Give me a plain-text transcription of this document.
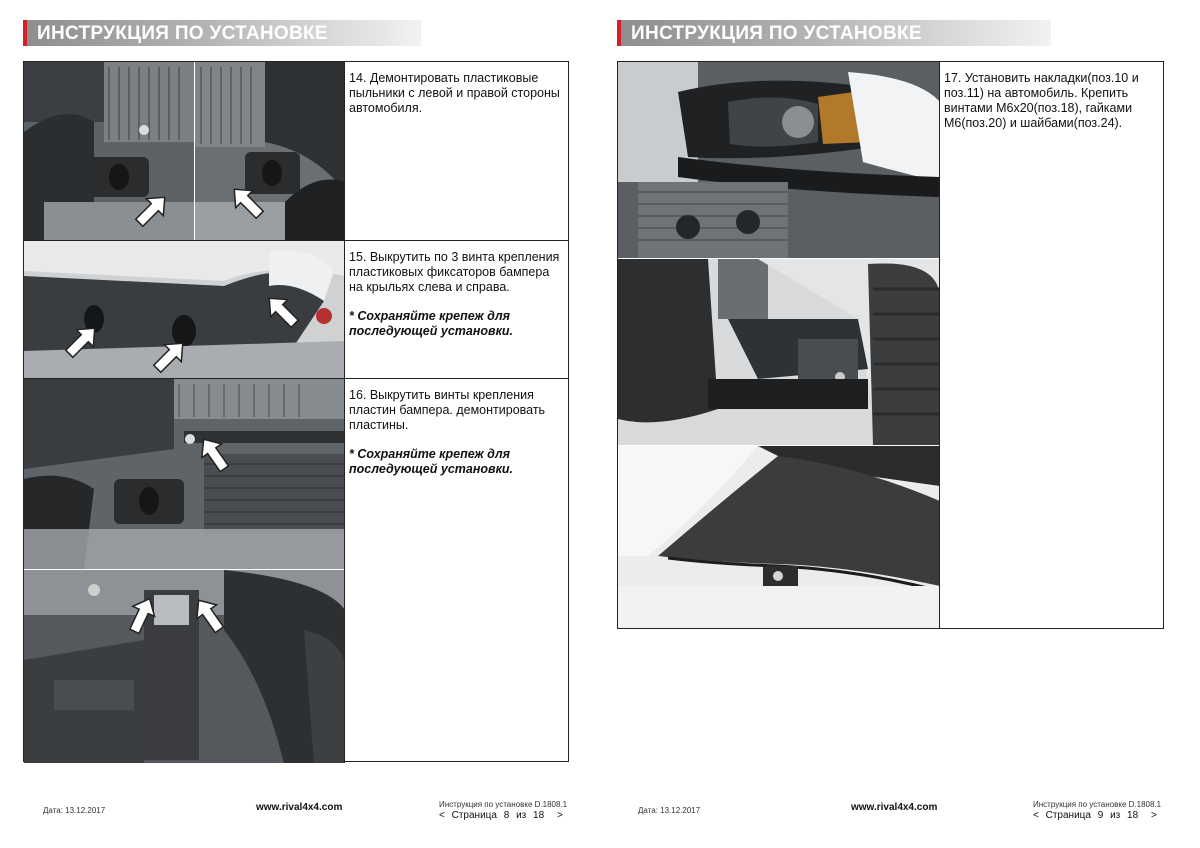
ИНСТРУКЦИЯ ПО УСТАНОВКЕ

14. Демонтировать пластиковые пыльники с левой и правой стороны автомобиля.

15. Выкрутить по 3 винта крепления пластиковых фиксаторов бампера на крыльях слева и справа.

* Сохраняйте крепеж для последующей установки.

16. Выкрутить винты крепления пластин бампера. демонтировать пластины.

* Сохраняйте крепеж для последующей установки.

Дата: 13.12.2017	www.rival4x4.com	Инструкция по установке D.1808.1
< Страница 8 из 18 >
ИНСТРУКЦИЯ ПО УСТАНОВКЕ

17. Установить накладки(поз.10 и поз.11) на автомобиль. Крепить винтами М6х20(поз.18), гайками М6(поз.20) и шайбами(поз.24).

Дата: 13.12.2017	www.rival4x4.com	Инструкция по установке D.1808.1
< Страница 9 из 18 >
